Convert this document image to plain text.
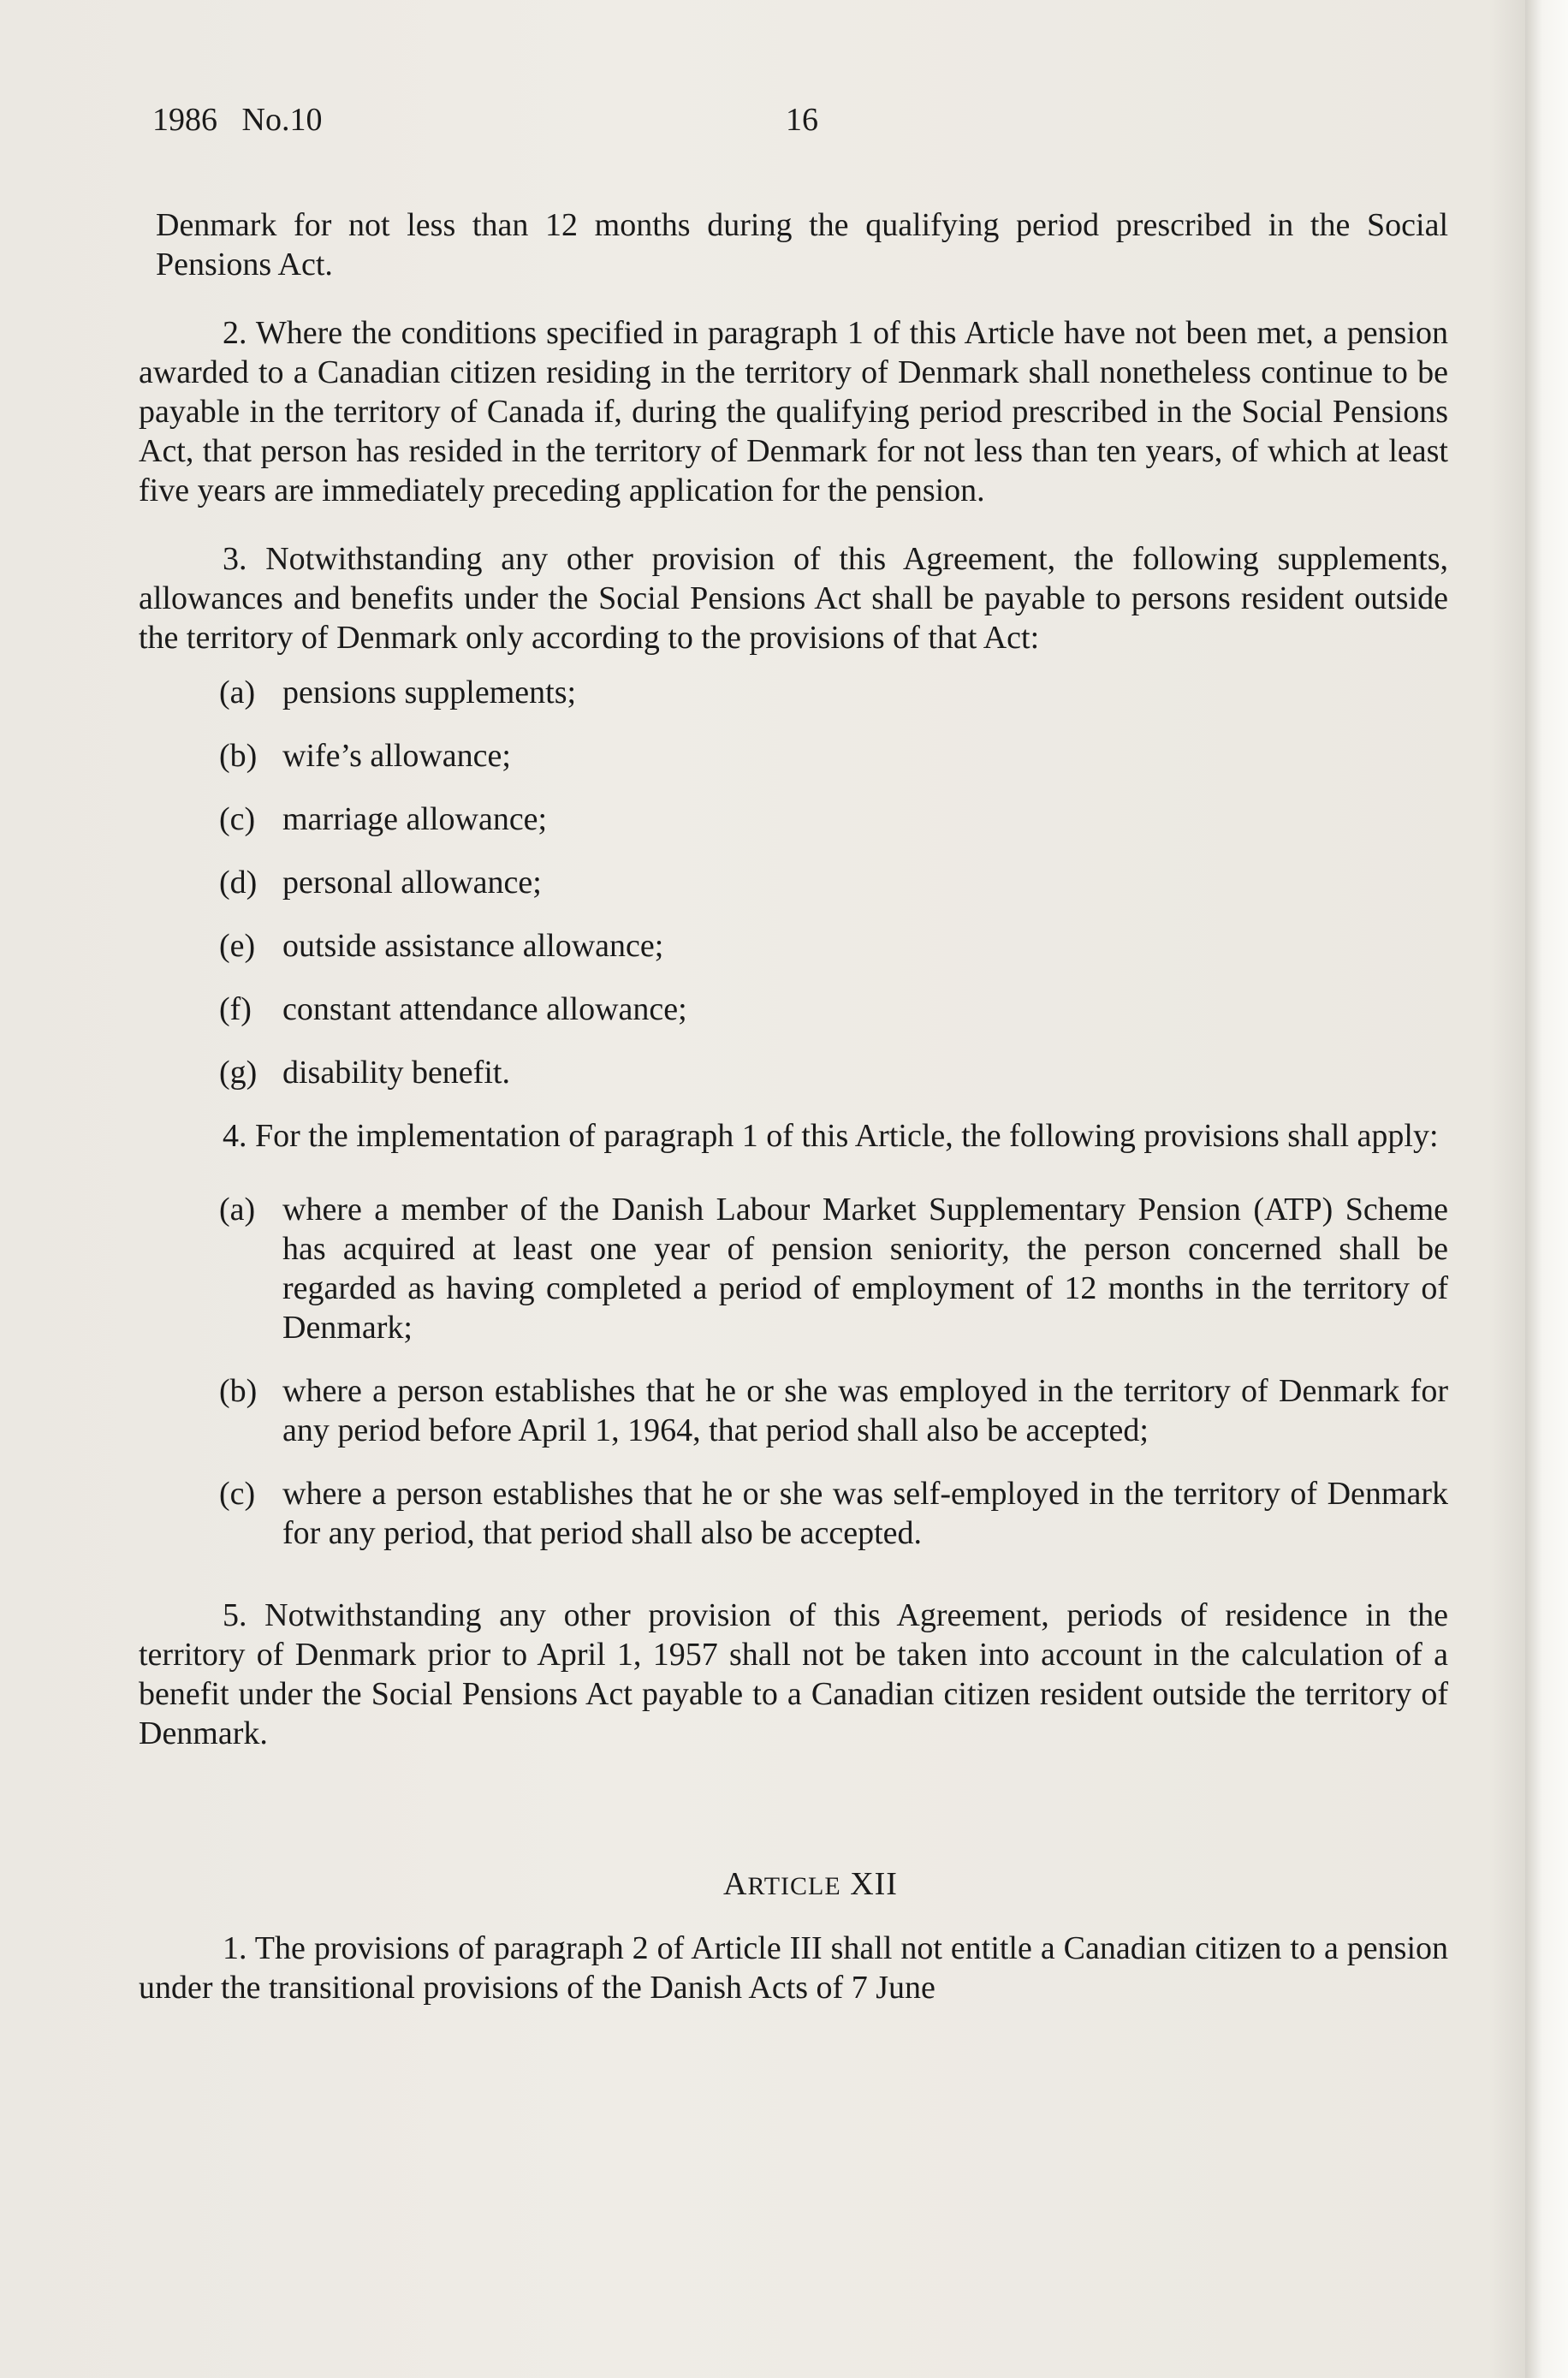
1986   No.10	16

Denmark for not less than 12 months during the qualifying period prescribed in the Social Pensions Act.

2. Where the conditions specified in paragraph 1 of this Article have not been met, a pension awarded to a Canadian citizen residing in the territory of Denmark shall nonetheless continue to be payable in the territory of Canada if, during the qualifying period prescribed in the Social Pensions Act, that person has resided in the territory of Denmark for not less than ten years, of which at least five years are immediately preceding application for the pension.

3. Notwithstanding any other provision of this Agreement, the following supplements, allowances and benefits under the Social Pensions Act shall be payable to persons resident outside the territory of Denmark only according to the provisions of that Act:

(a) pensions supplements;
(b) wife’s allowance;
(c) marriage allowance;
(d) personal allowance;
(e) outside assistance allowance;
(f) constant attendance allowance;
(g) disability benefit.

4. For the implementation of paragraph 1 of this Article, the following provisions shall apply:

(a) where a member of the Danish Labour Market Supplementary Pension (ATP) Scheme has acquired at least one year of pension seniority, the person concerned shall be regarded as having completed a period of employment of 12 months in the territory of Denmark;
(b) where a person establishes that he or she was employed in the territory of Denmark for any period before April 1, 1964, that period shall also be accepted;
(c) where a person establishes that he or she was self-employed in the territory of Denmark for any period, that period shall also be accepted.

5. Notwithstanding any other provision of this Agreement, periods of residence in the territory of Denmark prior to April 1, 1957 shall not be taken into account in the calculation of a benefit under the Social Pensions Act payable to a Canadian citizen resident outside the territory of Denmark.

ARTICLE XII

1. The provisions of paragraph 2 of Article III shall not entitle a Canadian citizen to a pension under the transitional provisions of the Danish Acts of 7 June
